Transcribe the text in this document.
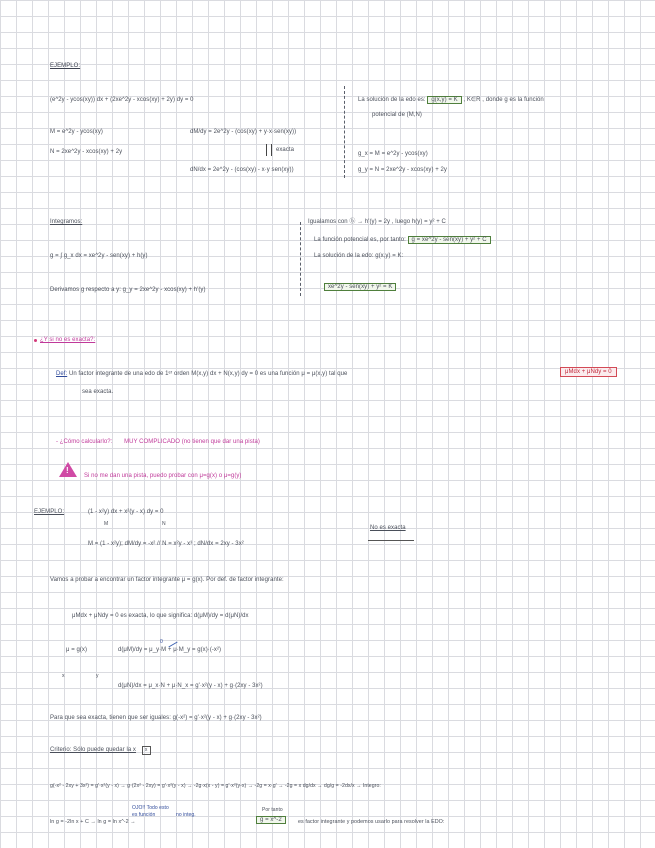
EJEMPLO:
(e^2y - ycos(xy)) dx + (2xe^2y - xcos(xy) + 2y) dy = 0
M = e^2y - ycos(xy)
N = 2xe^2y - xcos(xy) + 2y
dM/dy = 2e^2y - (cos(xy) + y·x·sen(xy))
exacta
dN/dx = 2e^2y - (cos(xy) - x·y sen(xy))
La solución de la edo es: g(x,y) = K , K∈R , donde g es la función
potencial de (M,N)
g_x = M = e^2y - ycos(xy)
g_y = N = 2xe^2y - xcos(xy) + 2y
Integramos:
g = ∫ g_x dx = xe^2y - sen(xy) + h(y)
Derivamos g respecto a y: g_y = 2xe^2y - xcos(xy) + h'(y)
Igualamos con ⓑ → h'(y) = 2y , luego h(y) = y² + C
La función potencial es, por tanto: g = xe^2y - sen(xy) + y² + C
La solución de la edo: g(x,y) = K:
xe^2y - sen(xy) + y² = K
¿Y si no es exacta?:
Def: Un factor integrante de una edo de 1ᵉʳ orden M(x,y) dx + N(x,y) dy = 0 es una función μ = μ(x,y) tal que	μMdx + μNdy = 0
sea exacta.
- ¿Cómo calcularlo?: MUY COMPLICADO (no tienen que dar una pista)
!
Si no me dan una pista, puedo probar con μ=g(x) o μ=g(y)
EJEMPLO:	(1 - x²y) dx + x²(y - x) dy = 0
M	N
M = (1 - x²y); dM/dy = -x² // N = x²y - x³ ; dN/dx = 2xy - 3x²
No es exacta
Vamos a probar a encontrar un factor integrante μ = g(x). Por def. de factor integrante:
μMdx + μNdy = 0 es exacta, lo que significa: d(μM)/dy = d(μN)/dx
μ = g(x)
x	y
d(μM)/dy = μ_y·M + μ·M_y = g(x)·(-x²)
0
d(μN)/dx = μ_x·N + μ·N_x = g'·x²(y - x) + g·(2xy - 3x²)
Para que sea exacta, tienen que ser iguales: g(-x²) = g'·x²(y - x) + g·(2xy - 3x²)
Criterio: Sólo puede quedar la x x
g(-x² - 2xy + 3x²) = g'·x²(y - x) → g·(2x² - 2xy) = g'·x²(y - x) → -2g·x(x - y) = g'·x²(y-x) → -2g = x·g' → -2g = x dg/dx → dg/g = -2dx/x → Integro:
OJO!! Todo esto
es función	no integ.
ln g = -2ln x + C → ln g = ln x^-2 →
Por tanto
g = x^-2	es factor integrante y podemos usarlo para resolver la EDO:
